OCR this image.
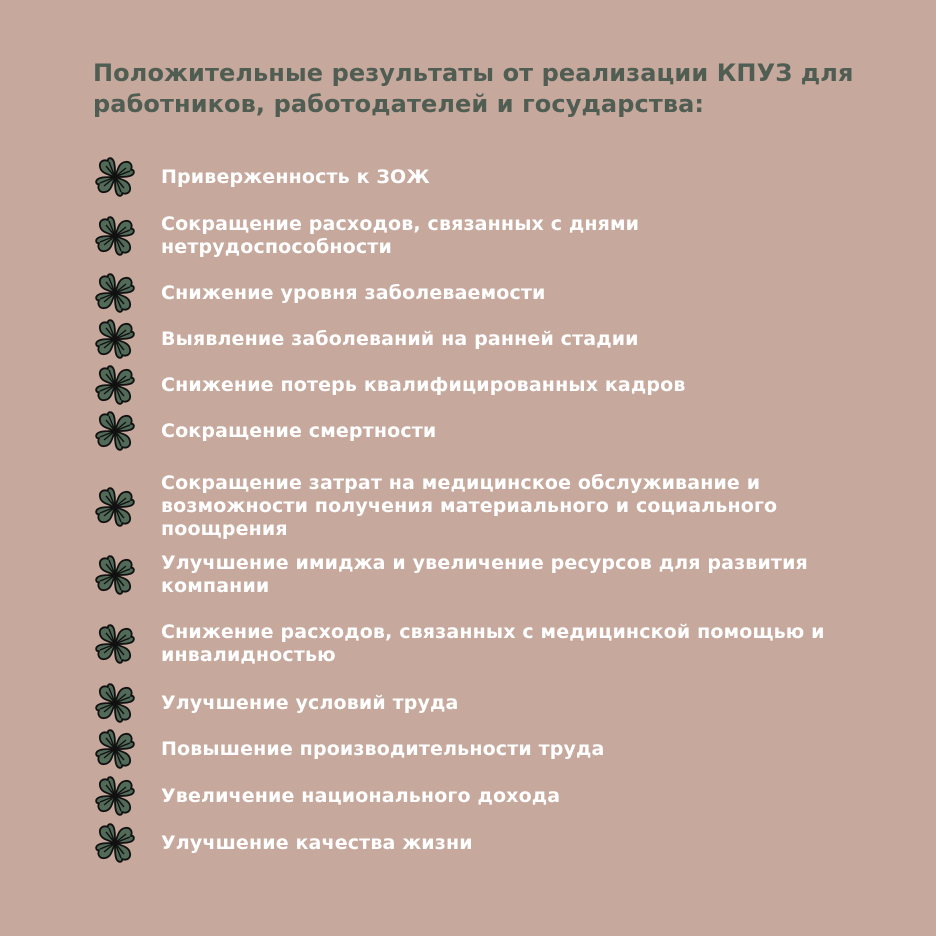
Положительные результаты от реализации КПУЗ для работников, работодателей и государства:
Приверженность к ЗОЖ
Сокращение расходов, связанных с днями нетрудоспособности
Снижение уровня заболеваемости
Выявление заболеваний на ранней стадии
Снижение потерь квалифицированных кадров
Сокращение смертности
Сокращение затрат на медицинское обслуживание и возможности получения материального и социального поощрения
Улучшение имиджа и увеличение ресурсов для развития компании
Снижение расходов, связанных с медицинской помощью и инвалидностью
Улучшение условий труда
Повышение производительности труда
Увеличение национального дохода
Улучшение качества жизни
